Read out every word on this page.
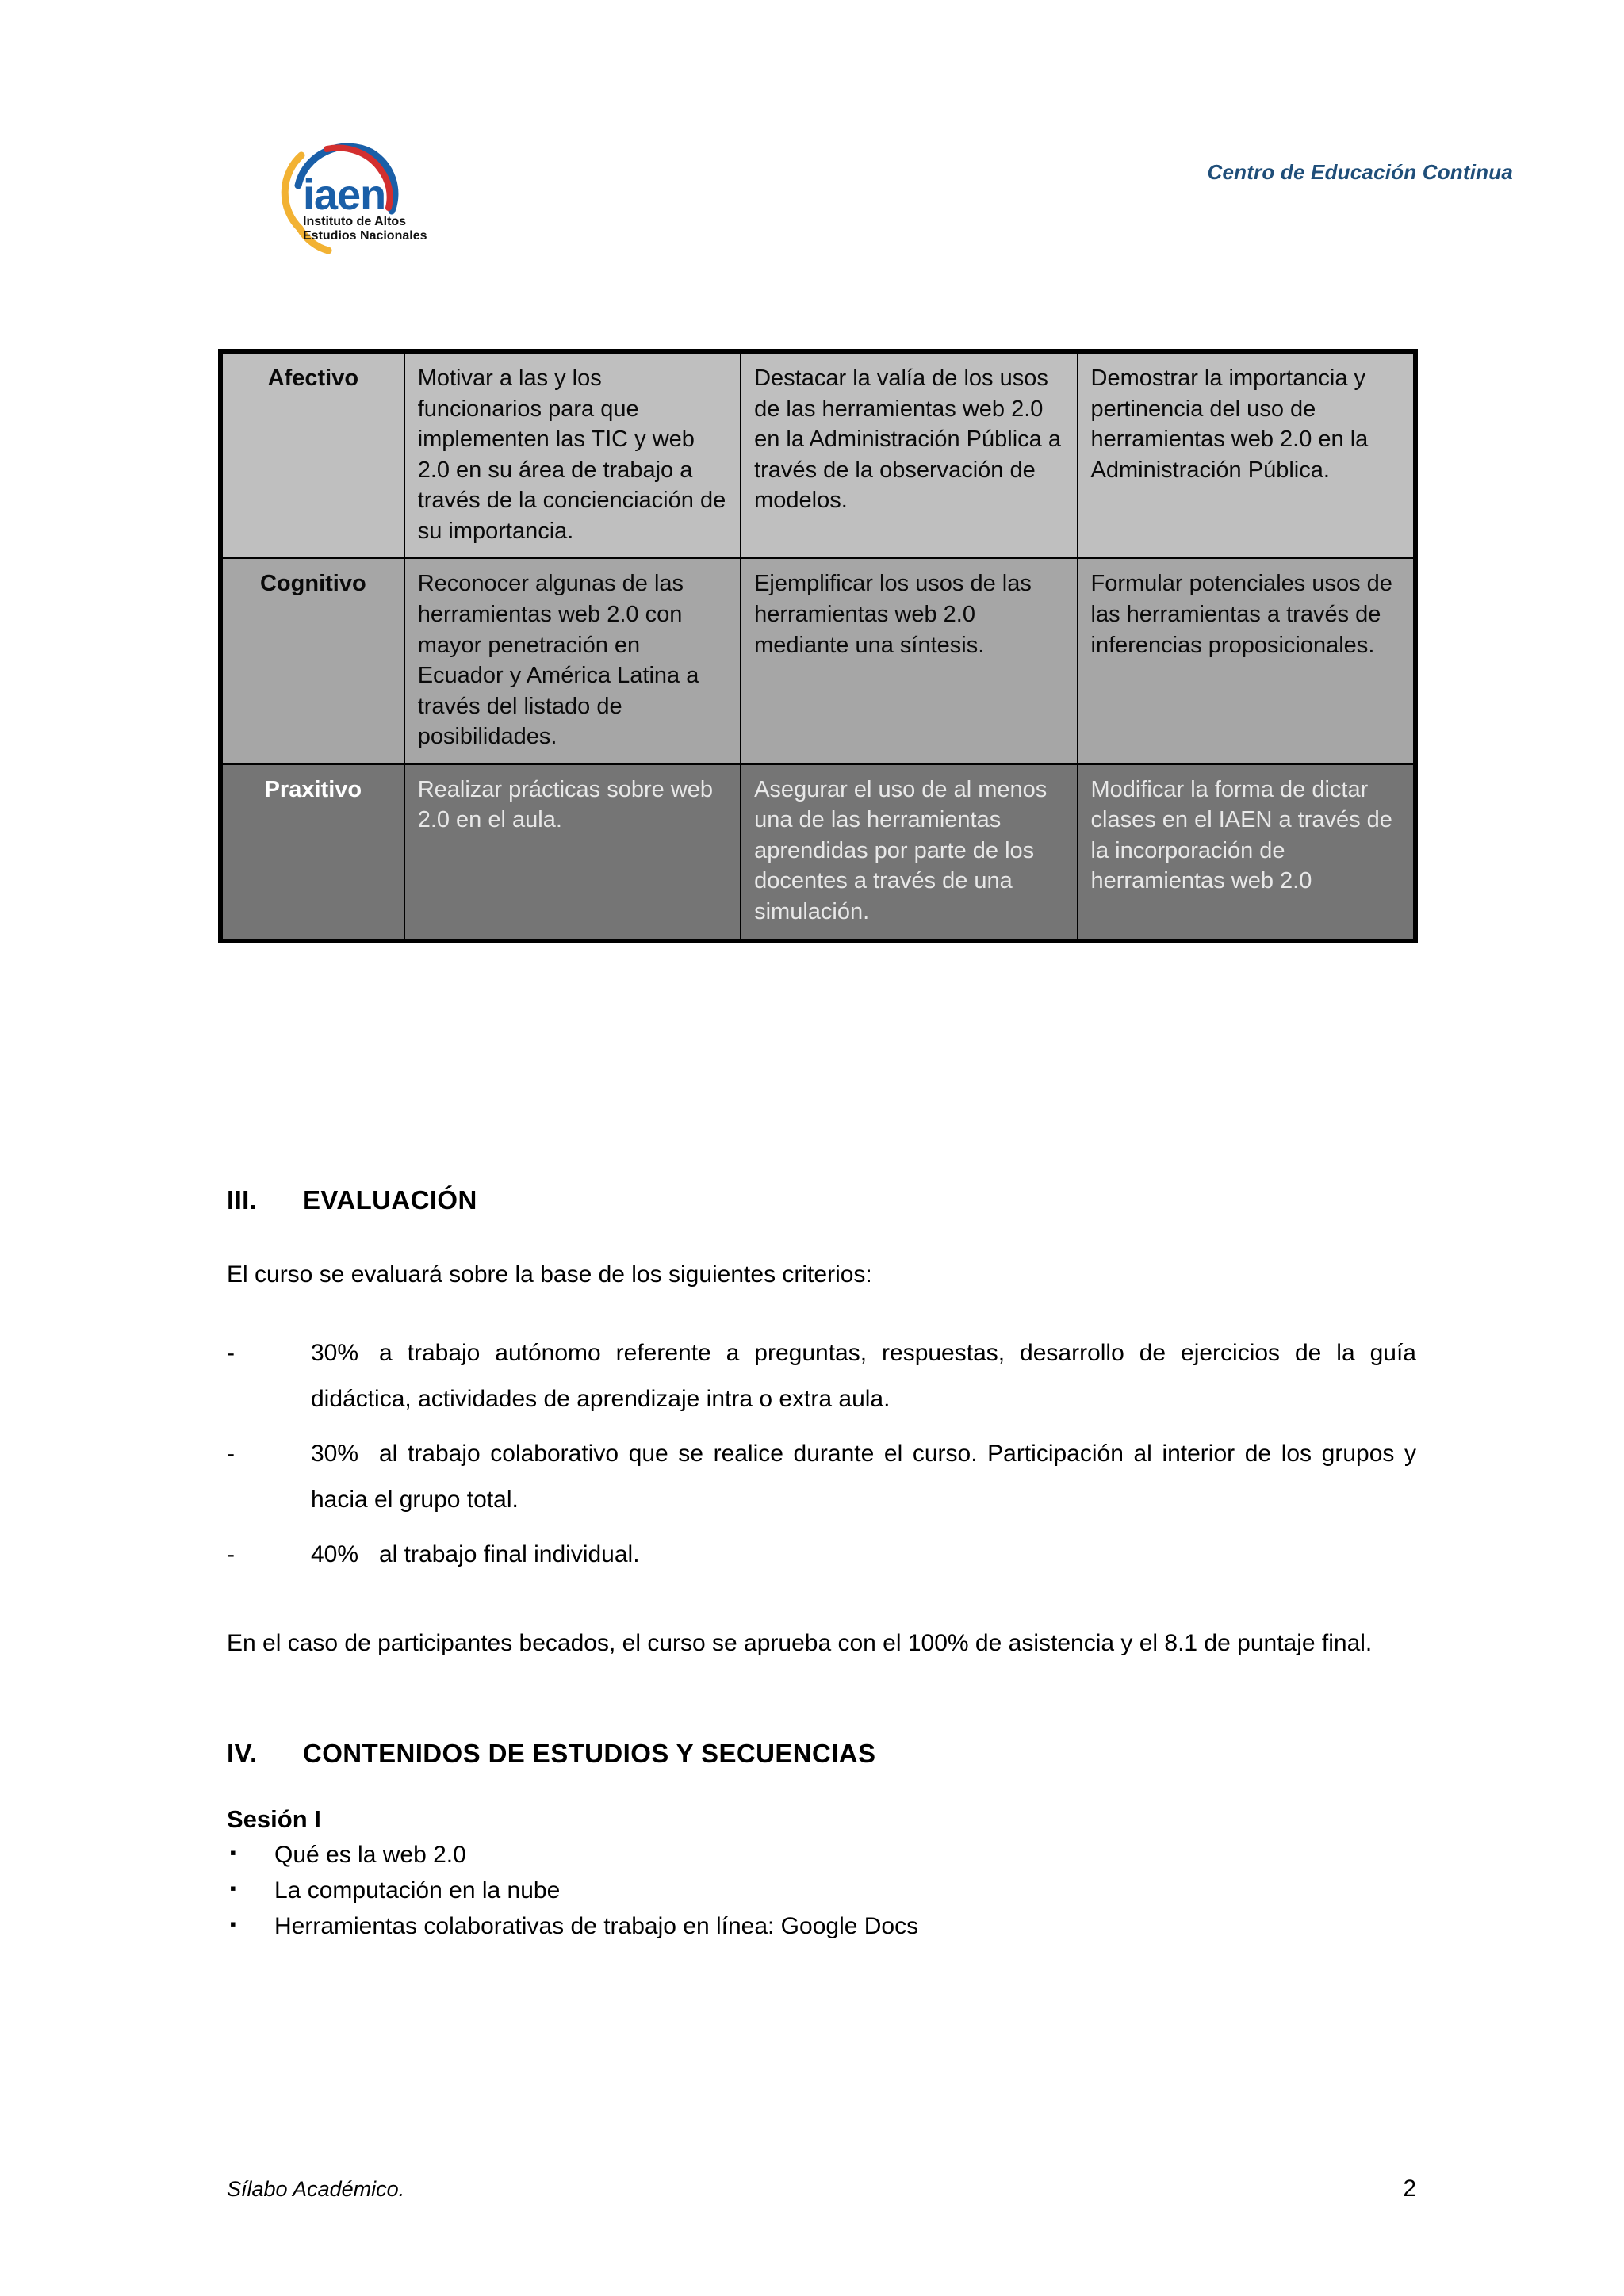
iaen
Instituto de Altos
Estudios Nacionales
Centro de Educación Continua
Afectivo	Motivar a las y los funcionarios para que implementen las TIC y web 2.0 en su área de trabajo a través de la concienciación de su importancia.	Destacar la valía de los usos de las herramientas web 2.0 en la Administración Pública a través de la observación de modelos.	Demostrar la importancia y pertinencia del uso de herramientas web 2.0 en la Administración Pública.
Cognitivo	Reconocer algunas de las herramientas web 2.0 con mayor penetración en Ecuador y América Latina a través del listado de posibilidades.	Ejemplificar los usos de las herramientas web 2.0 mediante una síntesis.	Formular potenciales usos de las herramientas a través de inferencias proposicionales.
Praxitivo	Realizar prácticas sobre web 2.0 en el aula.	Asegurar el uso de al menos una de las herramientas aprendidas por parte de los docentes a través de una simulación.	Modificar la forma de dictar clases en el IAEN a través de la incorporación de herramientas web 2.0
III.	EVALUACIÓN

El curso se evaluará sobre la base de los siguientes criterios:

-	30% a trabajo autónomo referente a preguntas, respuestas, desarrollo de ejercicios de la guía didáctica, actividades de aprendizaje intra o extra aula.
-	30% al trabajo colaborativo que se realice durante el curso. Participación al interior de los grupos y hacia el grupo total.
-	40% al trabajo final individual.

En el caso de participantes becados, el curso se aprueba con el 100% de asistencia y el 8.1 de puntaje final.

IV.	CONTENIDOS DE ESTUDIOS Y SECUENCIAS
Sesión I
▪ Qué es la web 2.0
▪ La computación en la nube
▪ Herramientas colaborativas de trabajo en línea: Google Docs
Sílabo Académico.	2
